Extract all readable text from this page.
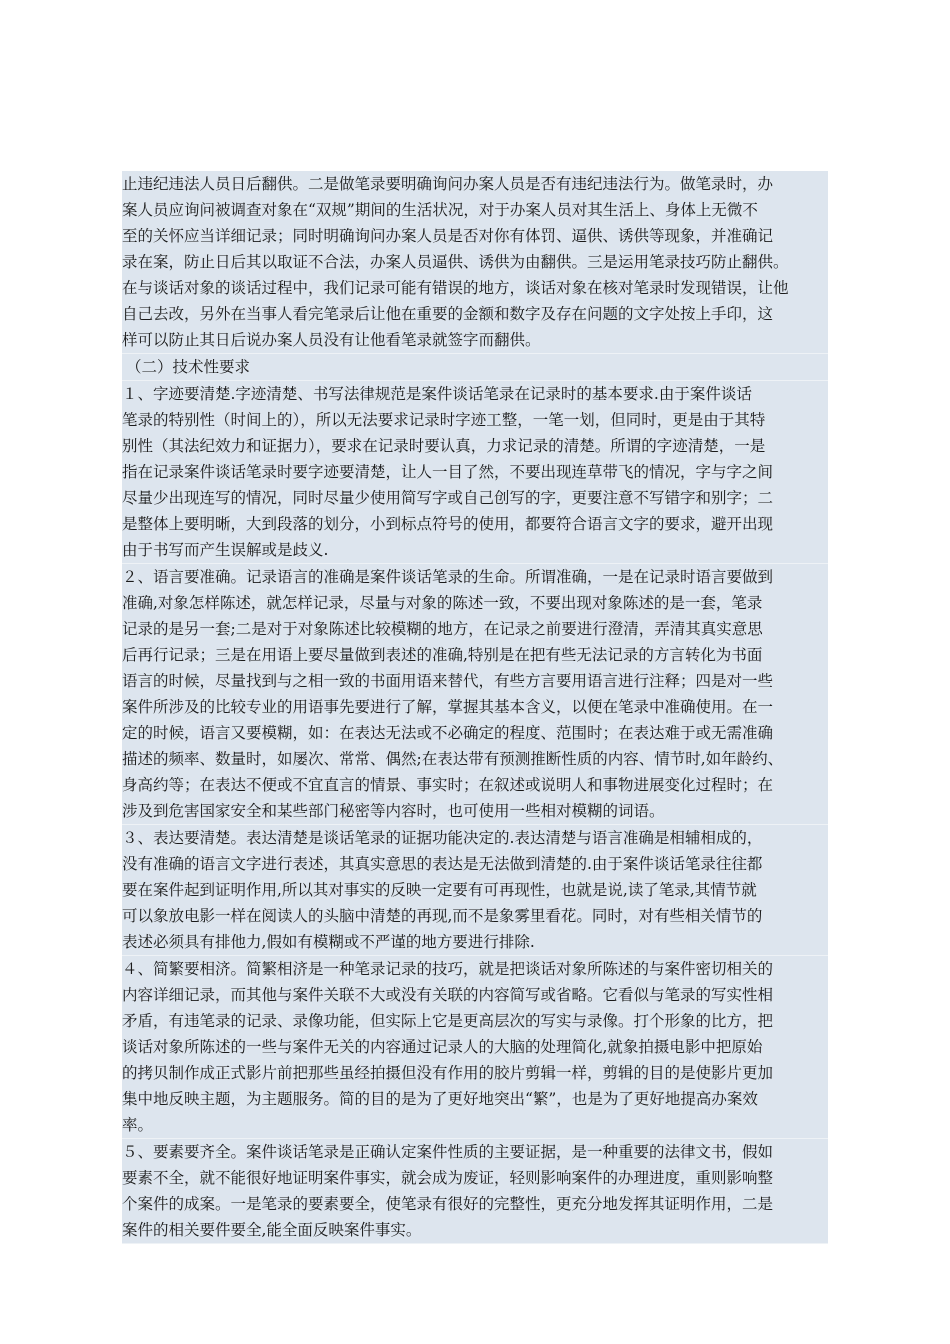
止违纪违法人员日后翻供。二是做笔录要明确询问办案人员是否有违纪违法行为。做笔录时，办
案人员应询问被调查对象在“双规”期间的生活状况，对于办案人员对其生活上、身体上无微不
至的关怀应当详细记录；同时明确询问办案人员是否对你有体罚、逼供、诱供等现象，并准确记
录在案，防止日后其以取证不合法，办案人员逼供、诱供为由翻供。三是运用笔录技巧防止翻供。
在与谈话对象的谈话过程中，我们记录可能有错误的地方，谈话对象在核对笔录时发现错误，让他
自己去改，另外在当事人看完笔录后让他在重要的金额和数字及存在问题的文字处按上手印，这
样可以防止其日后说办案人员没有让他看笔录就签字而翻供。
（二）技术性要求
１、字迹要清楚.字迹清楚、书写法律规范是案件谈话笔录在记录时的基本要求.由于案件谈话
笔录的特别性（时间上的），所以无法要求记录时字迹工整，一笔一划，但同时，更是由于其特
别性（其法纪效力和证据力），要求在记录时要认真，力求记录的清楚。所谓的字迹清楚，一是
指在记录案件谈话笔录时要字迹要清楚，让人一目了然，不要出现连草带飞的情况，字与字之间
尽量少出现连写的情况，同时尽量少使用简写字或自己创写的字，更要注意不写错字和别字；二
是整体上要明晰，大到段落的划分，小到标点符号的使用，都要符合语言文字的要求，避开出现
由于书写而产生误解或是歧义.
２、语言要准确。记录语言的准确是案件谈话笔录的生命。所谓准确，一是在记录时语言要做到
准确,对象怎样陈述，就怎样记录，尽量与对象的陈述一致，不要出现对象陈述的是一套，笔录
记录的是另一套;二是对于对象陈述比较模糊的地方，在记录之前要进行澄清，弄清其真实意思
后再行记录；三是在用语上要尽量做到表述的准确,特别是在把有些无法记录的方言转化为书面
语言的时候，尽量找到与之相一致的书面用语来替代，有些方言要用语言进行注释；四是对一些
案件所涉及的比较专业的用语事先要进行了解，掌握其基本含义，以便在笔录中准确使用。在一
定的时候，语言又要模糊，如：在表达无法或不必确定的程度、范围时；在表达难于或无需准确
描述的频率、数量时，如屡次、常常、偶然;在表达带有预测推断性质的内容、情节时,如年龄约、
身高约等；在表达不便或不宜直言的情景、事实时；在叙述或说明人和事物进展变化过程时；在
涉及到危害国家安全和某些部门秘密等内容时，也可使用一些相对模糊的词语。
３、表达要清楚。表达清楚是谈话笔录的证据功能决定的.表达清楚与语言准确是相辅相成的，
没有准确的语言文字进行表述，其真实意思的表达是无法做到清楚的.由于案件谈话笔录往往都
要在案件起到证明作用,所以其对事实的反映一定要有可再现性，也就是说,读了笔录,其情节就
可以象放电影一样在阅读人的头脑中清楚的再现,而不是象雾里看花。同时，对有些相关情节的
表述必须具有排他力,假如有模糊或不严谨的地方要进行排除.
４、简繁要相济。简繁相济是一种笔录记录的技巧，就是把谈话对象所陈述的与案件密切相关的
内容详细记录，而其他与案件关联不大或没有关联的内容简写或省略。它看似与笔录的写实性相
矛盾，有违笔录的记录、录像功能，但实际上它是更高层次的写实与录像。打个形象的比方，把
谈话对象所陈述的一些与案件无关的内容通过记录人的大脑的处理简化,就象拍摄电影中把原始
的拷贝制作成正式影片前把那些虽经拍摄但没有作用的胶片剪辑一样，剪辑的目的是使影片更加
集中地反映主题，为主题服务。简的目的是为了更好地突出“繁”，也是为了更好地提高办案效
率。
５、要素要齐全。案件谈话笔录是正确认定案件性质的主要证据，是一种重要的法律文书，假如
要素不全，就不能很好地证明案件事实，就会成为废证，轻则影响案件的办理进度，重则影响整
个案件的成案。一是笔录的要素要全，使笔录有很好的完整性，更充分地发挥其证明作用，二是
案件的相关要件要全,能全面反映案件事实。
